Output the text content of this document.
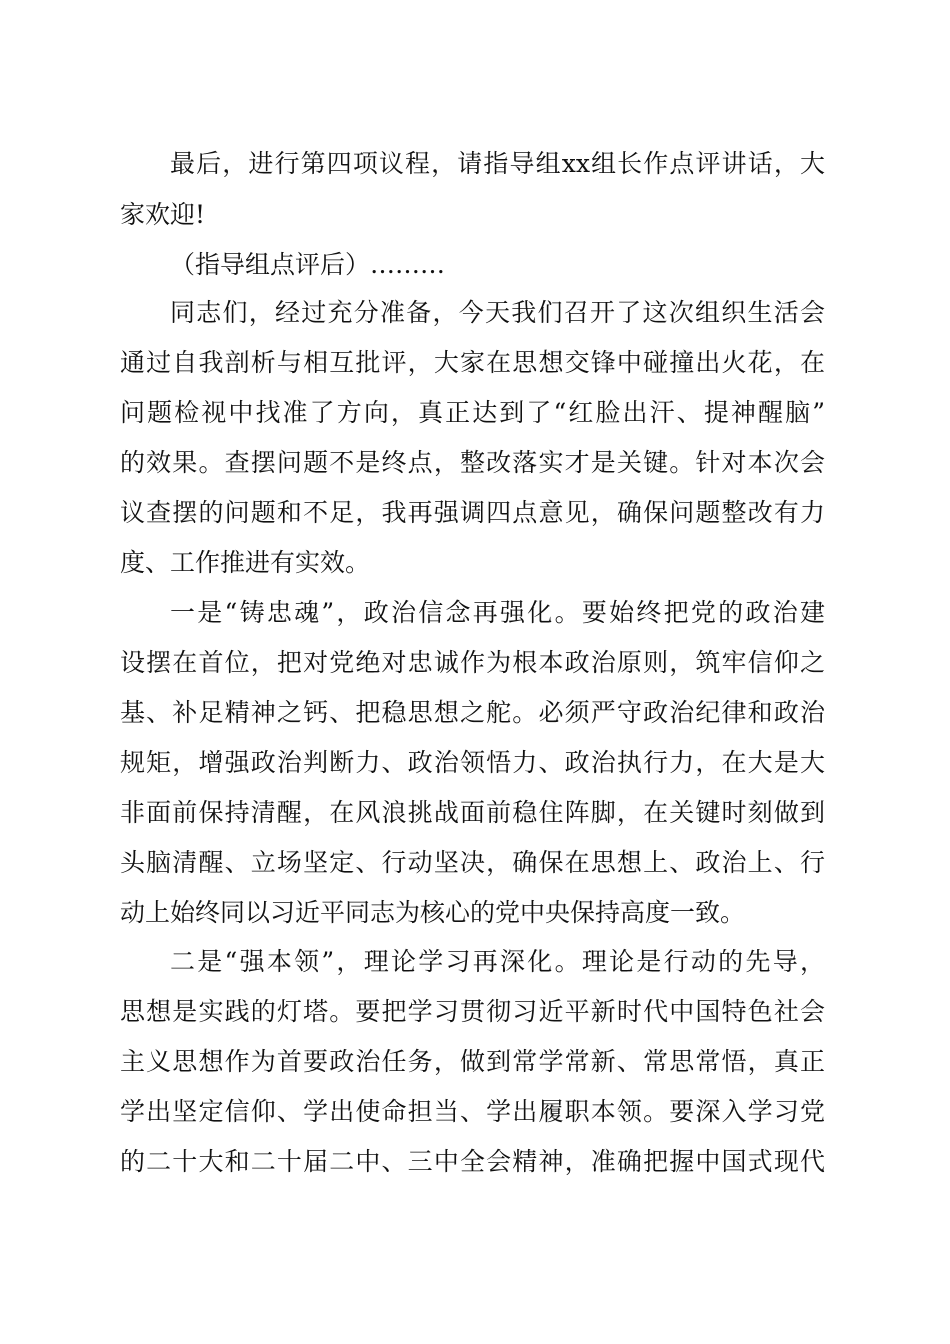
最后，进行第四项议程，请指导组xx组长作点评讲话，大
家欢迎!
（指导组点评后）………
同志们，经过充分准备，今天我们召开了这次组织生活会
通过自我剖析与相互批评，大家在思想交锋中碰撞出火花，在
问题检视中找准了方向，真正达到了“红脸出汗、提神醒脑”
的效果。查摆问题不是终点，整改落实才是关键。针对本次会
议查摆的问题和不足，我再强调四点意见，确保问题整改有力
度、工作推进有实效。
一是“铸忠魂”，政治信念再强化。要始终把党的政治建
设摆在首位，把对党绝对忠诚作为根本政治原则，筑牢信仰之
基、补足精神之钙、把稳思想之舵。必须严守政治纪律和政治
规矩，增强政治判断力、政治领悟力、政治执行力，在大是大
非面前保持清醒，在风浪挑战面前稳住阵脚，在关键时刻做到
头脑清醒、立场坚定、行动坚决，确保在思想上、政治上、行
动上始终同以习近平同志为核心的党中央保持高度一致。
二是“强本领”，理论学习再深化。理论是行动的先导，
思想是实践的灯塔。要把学习贯彻习近平新时代中国特色社会
主义思想作为首要政治任务，做到常学常新、常思常悟，真正
学出坚定信仰、学出使命担当、学出履职本领。要深入学习党
的二十大和二十届二中、三中全会精神，准确把握中国式现代
